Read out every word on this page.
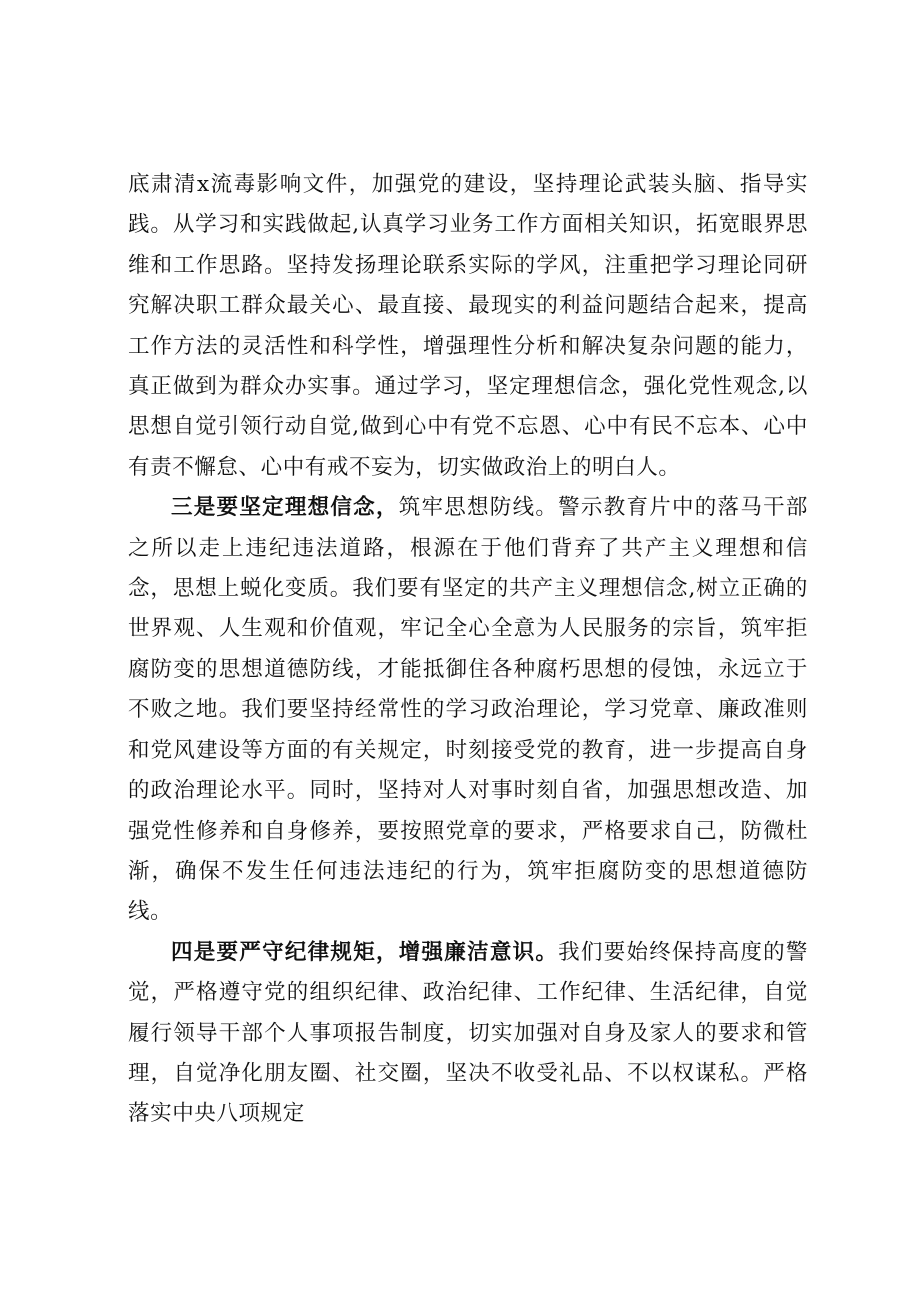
底肃清x流毒影响文件，加强党的建设，坚持理论武装头脑、指导实践。从学习和实践做起,认真学习业务工作方面相关知识，拓宽眼界思维和工作思路。坚持发扬理论联系实际的学风，注重把学习理论同研究解决职工群众最关心、最直接、最现实的利益问题结合起来，提高工作方法的灵活性和科学性，增强理性分析和解决复杂问题的能力，真正做到为群众办实事。通过学习，坚定理想信念，强化党性观念,以思想自觉引领行动自觉,做到心中有党不忘恩、心中有民不忘本、心中有责不懈怠、心中有戒不妄为，切实做政治上的明白人。

三是要坚定理想信念，筑牢思想防线。警示教育片中的落马干部之所以走上违纪违法道路，根源在于他们背弃了共产主义理想和信念，思想上蜕化变质。我们要有坚定的共产主义理想信念,树立正确的世界观、人生观和价值观，牢记全心全意为人民服务的宗旨，筑牢拒腐防变的思想道德防线，才能抵御住各种腐朽思想的侵蚀，永远立于不败之地。我们要坚持经常性的学习政治理论，学习党章、廉政准则和党风建设等方面的有关规定，时刻接受党的教育，进一步提高自身的政治理论水平。同时，坚持对人对事时刻自省，加强思想改造、加强党性修养和自身修养，要按照党章的要求，严格要求自己，防微杜渐，确保不发生任何违法违纪的行为，筑牢拒腐防变的思想道德防线。

四是要严守纪律规矩，增强廉洁意识。我们要始终保持高度的警觉，严格遵守党的组织纪律、政治纪律、工作纪律、生活纪律，自觉履行领导干部个人事项报告制度，切实加强对自身及家人的要求和管理，自觉净化朋友圈、社交圈，坚决不收受礼品、不以权谋私。严格落实中央八项规定
